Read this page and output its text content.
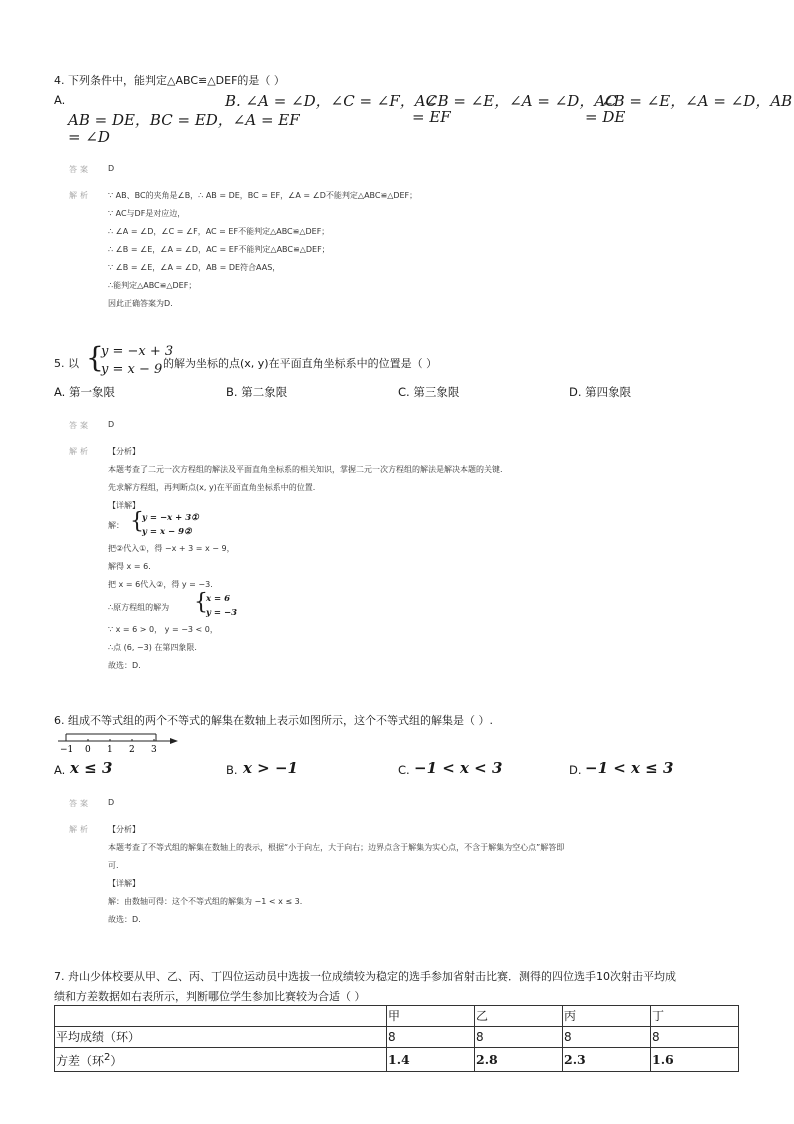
4. 下列条件中，能判定△ABC≌△DEF的是（ ）
A.
AB = DE，BC = ED，∠A = EF
= ∠D
B. ∠A = ∠D，∠C = ∠F，AC
∠B = ∠E，∠A = ∠D，AC
= EF
∠B = ∠E，∠A = ∠D，AB
= DE
答案 D
解析 ∵ AB、BC的夹角是∠B，∴ AB = DE，BC = EF，∠A = ∠D不能判定△ABC≌△DEF；
∵ AC与DF是对应边，
∴ ∠A = ∠D，∠C = ∠F，AC = EF不能判定△ABC≌△DEF；
∴ ∠B = ∠E，∠A = ∠D，AC = EF不能判定△ABC≌△DEF；
∵ ∠B = ∠E，∠A = ∠D，AB = DE符合AAS，
∴能判定△ABC≌△DEF；
因此正确答案为D.
5. 以 {
y = −x + 3
y = x − 9 的解为坐标的点(x, y)在平面直角坐标系中的位置是（ ）
A. 第一象限	B. 第二象限	C. 第三象限	D. 第四象限
答案 D
解析 【分析】
本题考查了二元一次方程组的解法及平面直角坐标系的相关知识，掌握二元一次方程组的解法是解决本题的关键.
先求解方程组，再判断点(x, y)在平面直角坐标系中的位置.
【详解】
解： {
y = −x + 3①
y = x − 9②
把②代入①，得 −x + 3 = x − 9，
解得 x = 6.
把 x = 6代入②，得 y = −3.
∴原方程组的解为 {
x = 6
y = −3
∵ x = 6 > 0， y = −3 < 0，
∴点 (6, −3) 在第四象限.
故选：D.
6. 组成不等式组的两个不等式的解集在数轴上表示如图所示，这个不等式组的解集是（ ）.
−1 0 1 2 3
A. x ≤ 3	B. x > −1	C. −1 < x < 3	D. −1 < x ≤ 3
答案 D
解析 【分析】
本题考查了不等式组的解集在数轴上的表示，根据“小于向左，大于向右；边界点含于解集为实心点，不含于解集为空心点”解答即
可.
【详解】
解：由数轴可得：这个不等式组的解集为 −1 < x ≤ 3.
故选：D.
7. 舟山少体校要从甲、乙、丙、丁四位运动员中选拔一位成绩较为稳定的选手参加省射击比赛．测得的四位选手10次射击平均成
绩和方差数据如右表所示，判断哪位学生参加比赛较为合适（ ）
	甲	乙	丙	丁
平均成绩（环）	8	8	8	8
方差（环$^2$）	1.4	2.8	2.3	1.6
